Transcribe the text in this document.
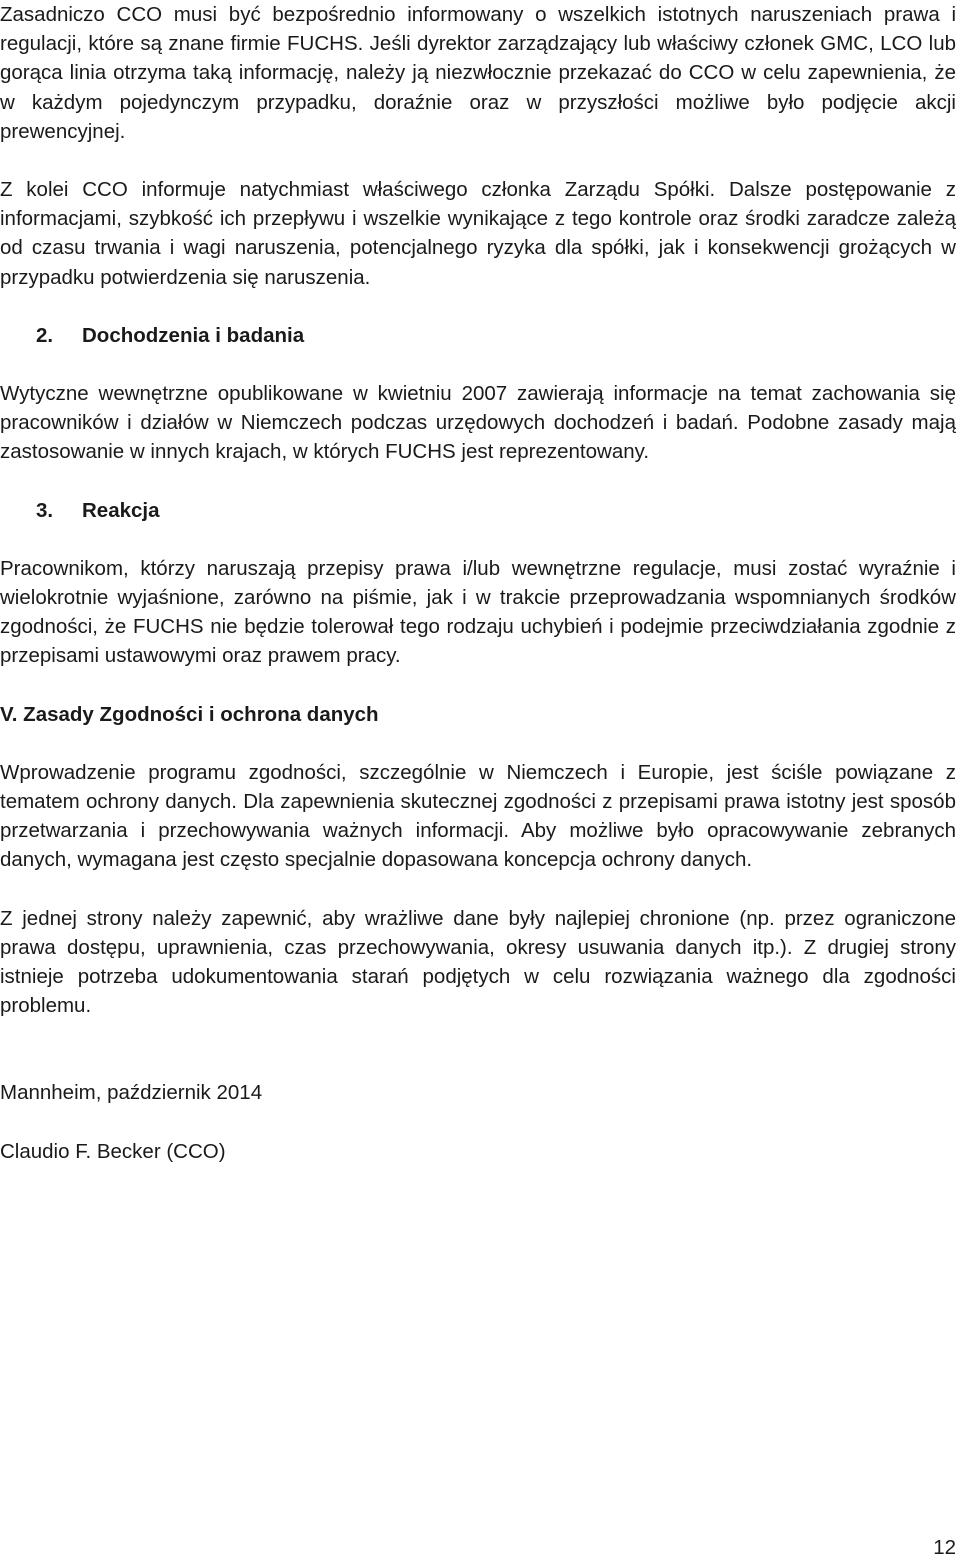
Zasadniczo CCO musi być bezpośrednio informowany o wszelkich istotnych naruszeniach prawa i regulacji, które są znane firmie FUCHS. Jeśli dyrektor zarządzający lub właściwy członek GMC, LCO lub gorąca linia otrzyma taką informację, należy ją niezwłocznie przekazać do CCO w celu zapewnienia, że w każdym pojedynczym przypadku, doraźnie oraz w przyszłości możliwe było podjęcie akcji prewencyjnej.

Z kolei CCO informuje natychmiast właściwego członka Zarządu Spółki. Dalsze postępowanie z informacjami, szybkość ich przepływu i wszelkie wynikające z tego kontrole oraz środki zaradcze zależą od czasu trwania i wagi naruszenia, potencjalnego ryzyka dla spółki, jak i konsekwencji grożących w przypadku potwierdzenia się naruszenia.

2. Dochodzenia i badania

Wytyczne wewnętrzne opublikowane w kwietniu 2007 zawierają informacje na temat zachowania się pracowników i działów w Niemczech podczas urzędowych dochodzeń i badań. Podobne zasady mają zastosowanie w innych krajach, w których FUCHS jest reprezentowany.

3. Reakcja

Pracownikom, którzy naruszają przepisy prawa i/lub wewnętrzne regulacje, musi zostać wyraźnie i wielokrotnie wyjaśnione, zarówno na piśmie, jak i w trakcie przeprowadzania wspomnianych środków zgodności, że FUCHS nie będzie tolerował tego rodzaju uchybień i podejmie przeciwdziałania zgodnie z przepisami ustawowymi oraz prawem pracy.

V. Zasady Zgodności i ochrona danych

Wprowadzenie programu zgodności, szczególnie w Niemczech i Europie, jest ściśle powiązane z tematem ochrony danych. Dla zapewnienia skutecznej zgodności z przepisami prawa istotny jest sposób przetwarzania i przechowywania ważnych informacji. Aby możliwe było opracowywanie zebranych danych, wymagana jest często specjalnie dopasowana koncepcja ochrony danych.

Z jednej strony należy zapewnić, aby wrażliwe dane były najlepiej chronione (np. przez ograniczone prawa dostępu, uprawnienia, czas przechowywania, okresy usuwania danych itp.). Z drugiej strony istnieje potrzeba udokumentowania starań podjętych w celu rozwiązania ważnego dla zgodności problemu.

Mannheim, październik 2014

Claudio F. Becker (CCO)

12
